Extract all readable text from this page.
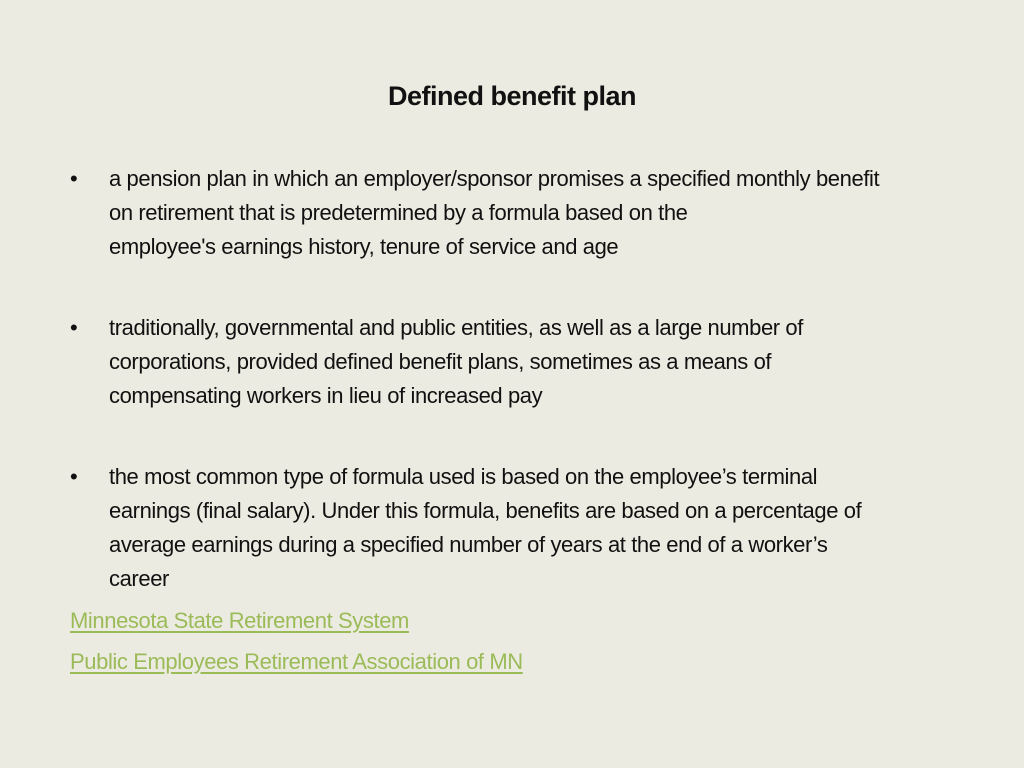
Defined benefit plan
• a pension plan in which an employer/sponsor promises a specified monthly benefit
on retirement that is predetermined by a formula based on the
employee's earnings history, tenure of service and age
• traditionally, governmental and public entities, as well as a large number of
corporations, provided defined benefit plans, sometimes as a means of
compensating workers in lieu of increased pay
• the most common type of formula used is based on the employee’s terminal
earnings (final salary). Under this formula, benefits are based on a percentage of
average earnings during a specified number of years at the end of a worker’s
career
Minnesota State Retirement System
Public Employees Retirement Association of MN
